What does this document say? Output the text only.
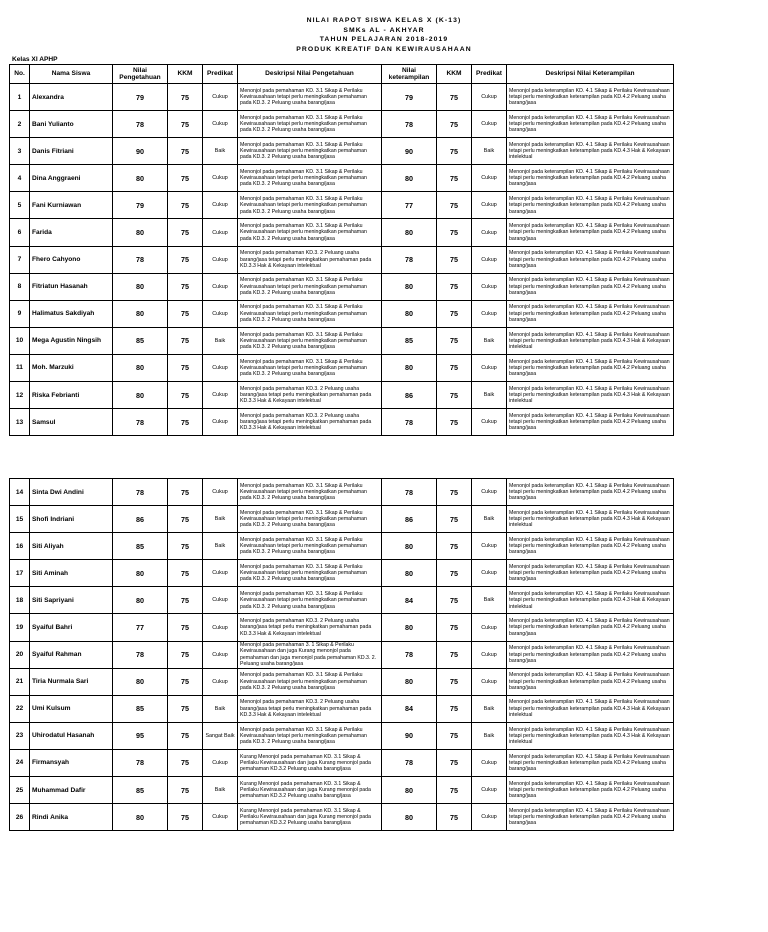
NILAI RAPOT SISWA KELAS X (K-13)
SMKs AL - AKHYAR
TAHUN PELAJARAN 2018-2019
PRODUK KREATIF DAN KEWIRAUSAHAAN
Kelas XI APHP
No.	Nama Siswa	Nilai Pengetahuan	KKM	Predikat	Deskripsi Nilai Pengetahuan	Nilai keterampilan	KKM	Predikat	Deskripsi Nilai Keterampilan
1	Alexandra	79	75	Cukup	Menonjol pada pemahaman KD. 3.1 Sikap & Perilaku Kewirausahaan tetapi perlu meningkatkan pemahaman pada KD.3. 2 Peluang usaha barang/jasa	79	75	Cukup	Menonjol pada keterampilan KD. 4.1 Sikap & Perilaku Kewirausahaan tetapi perlu meningkatkan keterampilan pada KD.4.2 Peluang usaha barang/jasa
2	Bani Yulianto	78	75	Cukup	Menonjol pada pemahaman KD. 3.1 Sikap & Perilaku Kewirausahaan tetapi perlu meningkatkan pemahaman pada KD.3. 2 Peluang usaha barang/jasa	78	75	Cukup	Menonjol pada keterampilan KD. 4.1 Sikap & Perilaku Kewirausahaan tetapi perlu meningkatkan keterampilan pada KD.4.2 Peluang usaha barang/jasa
3	Danis Fitriani	90	75	Baik	Menonjol pada pemahaman KD. 3.1 Sikap & Perilaku Kewirausahaan tetapi perlu meningkatkan pemahaman pada KD.3. 2 Peluang usaha barang/jasa	90	75	Baik	Menonjol pada keterampilan KD. 4.1 Sikap & Perilaku Kewirausahaan tetapi perlu meningkatkan keterampilan pada KD.4.3 Hak & Kekayaan intelektual
4	Dina Anggraeni	80	75	Cukup	Menonjol pada pemahaman KD. 3.1 Sikap & Perilaku Kewirausahaan tetapi perlu meningkatkan pemahaman pada KD.3. 2 Peluang usaha barang/jasa	80	75	Cukup	Menonjol pada keterampilan KD. 4.1 Sikap & Perilaku Kewirausahaan tetapi perlu meningkatkan keterampilan pada KD.4.2 Peluang usaha barang/jasa
5	Fani Kurniawan	79	75	Cukup	Menonjol pada pemahaman KD. 3.1 Sikap & Perilaku Kewirausahaan tetapi perlu meningkatkan pemahaman pada KD.3. 2 Peluang usaha barang/jasa	77	75	Cukup	Menonjol pada keterampilan KD. 4.1 Sikap & Perilaku Kewirausahaan tetapi perlu meningkatkan keterampilan pada KD.4.2 Peluang usaha barang/jasa
6	Farida	80	75	Cukup	Menonjol pada pemahaman KD. 3.1 Sikap & Perilaku Kewirausahaan tetapi perlu meningkatkan pemahaman pada KD.3. 2 Peluang usaha barang/jasa	80	75	Cukup	Menonjol pada keterampilan KD. 4.1 Sikap & Perilaku Kewirausahaan tetapi perlu meningkatkan keterampilan pada KD.4.2 Peluang usaha barang/jasa
7	Fhero Cahyono	78	75	Cukup	Menonjol pada pemahaman KD.3. 2 Peluang usaha barang/jasa tetapi perlu meningkatkan pemahaman pada KD.3.3 Hak & Kekayaan intelektual	78	75	Cukup	Menonjol pada keterampilan KD. 4.1 Sikap & Perilaku Kewirausahaan tetapi perlu meningkatkan keterampilan pada KD.4.2 Peluang usaha barang/jasa
8	Fitriatun Hasanah	80	75	Cukup	Menonjol pada pemahaman KD. 3.1 Sikap & Perilaku Kewirausahaan tetapi perlu meningkatkan pemahaman pada KD.3. 2 Peluang usaha barang/jasa	80	75	Cukup	Menonjol pada keterampilan KD. 4.1 Sikap & Perilaku Kewirausahaan tetapi perlu meningkatkan keterampilan pada KD.4.2 Peluang usaha barang/jasa
9	Halimatus Sakdiyah	80	75	Cukup	Menonjol pada pemahaman KD. 3.1 Sikap & Perilaku Kewirausahaan tetapi perlu meningkatkan pemahaman pada KD.3. 2 Peluang usaha barang/jasa	80	75	Cukup	Menonjol pada keterampilan KD. 4.1 Sikap & Perilaku Kewirausahaan tetapi perlu meningkatkan keterampilan pada KD.4.2 Peluang usaha barang/jasa
10	Mega Agustin Ningsih	85	75	Baik	Menonjol pada pemahaman KD. 3.1 Sikap & Perilaku Kewirausahaan tetapi perlu meningkatkan pemahaman pada KD.3. 2 Peluang usaha barang/jasa	85	75	Baik	Menonjol pada keterampilan KD. 4.1 Sikap & Perilaku Kewirausahaan tetapi perlu meningkatkan keterampilan pada KD.4.3 Hak & Kekayaan intelektual
11	Moh. Marzuki	80	75	Cukup	Menonjol pada pemahaman KD. 3.1 Sikap & Perilaku Kewirausahaan tetapi perlu meningkatkan pemahaman pada KD.3. 2 Peluang usaha barang/jasa	80	75	Cukup	Menonjol pada keterampilan KD. 4.1 Sikap & Perilaku Kewirausahaan tetapi perlu meningkatkan keterampilan pada KD.4.2 Peluang usaha barang/jasa
12	Riska Febrianti	80	75	Cukup	Menonjol pada pemahaman KD.3. 2 Peluang usaha barang/jasa tetapi perlu meningkatkan pemahaman pada KD.3.3 Hak & Kekayaan intelektual	86	75	Baik	Menonjol pada keterampilan KD. 4.1 Sikap & Perilaku Kewirausahaan tetapi perlu meningkatkan keterampilan pada KD.4.3 Hak & Kekayaan intelektual
13	Samsul	78	75	Cukup	Menonjol pada pemahaman KD.3. 2 Peluang usaha barang/jasa tetapi perlu meningkatkan pemahaman pada KD.3.3 Hak & Kekayaan intelektual	78	75	Cukup	Menonjol pada keterampilan KD. 4.1 Sikap & Perilaku Kewirausahaan tetapi perlu meningkatkan keterampilan pada KD.4.2 Peluang usaha barang/jasa
14	Sinta Dwi Andini	78	75	Cukup	Menonjol pada pemahaman KD. 3.1 Sikap & Perilaku Kewirausahaan tetapi perlu meningkatkan pemahaman pada KD.3. 2 Peluang usaha barang/jasa	78	75	Cukup	Menonjol pada keterampilan KD. 4.1 Sikap & Perilaku Kewirausahaan tetapi perlu meningkatkan keterampilan pada KD.4.2 Peluang usaha barang/jasa
15	Shofi Indriani	86	75	Baik	Menonjol pada pemahaman KD. 3.1 Sikap & Perilaku Kewirausahaan tetapi perlu meningkatkan pemahaman pada KD.3. 2 Peluang usaha barang/jasa	86	75	Baik	Menonjol pada keterampilan KD. 4.1 Sikap & Perilaku Kewirausahaan tetapi perlu meningkatkan keterampilan pada KD.4.3 Hak & Kekayaan intelektual
16	Siti Aliyah	85	75	Baik	Menonjol pada pemahaman KD. 3.1 Sikap & Perilaku Kewirausahaan tetapi perlu meningkatkan pemahaman pada KD.3. 2 Peluang usaha barang/jasa	80	75	Cukup	Menonjol pada keterampilan KD. 4.1 Sikap & Perilaku Kewirausahaan tetapi perlu meningkatkan keterampilan pada KD.4.2 Peluang usaha barang/jasa
17	Siti Aminah	80	75	Cukup	Menonjol pada pemahaman KD. 3.1 Sikap & Perilaku Kewirausahaan tetapi perlu meningkatkan pemahaman pada KD.3. 2 Peluang usaha barang/jasa	80	75	Cukup	Menonjol pada keterampilan KD. 4.1 Sikap & Perilaku Kewirausahaan tetapi perlu meningkatkan keterampilan pada KD.4.2 Peluang usaha barang/jasa
18	Siti Sapriyani	80	75	Cukup	Menonjol pada pemahaman KD. 3.1 Sikap & Perilaku Kewirausahaan tetapi perlu meningkatkan pemahaman pada KD.3. 2 Peluang usaha barang/jasa	84	75	Baik	Menonjol pada keterampilan KD. 4.1 Sikap & Perilaku Kewirausahaan tetapi perlu meningkatkan keterampilan pada KD.4.3 Hak & Kekayaan intelektual
19	Syaiful Bahri	77	75	Cukup	Menonjol pada pemahaman KD.3. 2 Peluang usaha barang/jasa tetapi perlu meningkatkan pemahaman pada KD.3.3 Hak & Kekayaan intelektual	80	75	Cukup	Menonjol pada keterampilan KD. 4.1 Sikap & Perilaku Kewirausahaan tetapi perlu meningkatkan keterampilan pada KD.4.2 Peluang usaha barang/jasa
20	Syaiful Rahman	78	75	Cukup	Menonjol pada pemahaman 3. 1 Sikap & Perilaku Kewirausahaan dan juga Kurang menonjol pada pemahaman dan juga menonjol pada pemahaman KD.3. 2. Peluang usaha barang/jasa	78	75	Cukup	Menonjol pada keterampilan KD. 4.1 Sikap & Perilaku Kewirausahaan tetapi perlu meningkatkan keterampilan pada KD.4.2 Peluang usaha barang/jasa
21	Tiria Nurmala Sari	80	75	Cukup	Menonjol pada pemahaman KD. 3.1 Sikap & Perilaku Kewirausahaan tetapi perlu meningkatkan pemahaman pada KD.3. 2 Peluang usaha barang/jasa	80	75	Cukup	Menonjol pada keterampilan KD. 4.1 Sikap & Perilaku Kewirausahaan tetapi perlu meningkatkan keterampilan pada KD.4.2 Peluang usaha barang/jasa
22	Umi Kulsum	85	75	Baik	Menonjol pada pemahaman KD.3. 2 Peluang usaha barang/jasa tetapi perlu meningkatkan pemahaman pada KD.3.3 Hak & Kekayaan intelektual	84	75	Baik	Menonjol pada keterampilan KD. 4.1 Sikap & Perilaku Kewirausahaan tetapi perlu meningkatkan keterampilan pada KD.4.3 Hak & Kekayaan intelektual
23	Uhirodatul Hasanah	95	75	Sangat Baik	Menonjol pada pemahaman KD. 3.1 Sikap & Perilaku Kewirausahaan tetapi perlu meningkatkan pemahaman pada KD.3. 2 Peluang usaha barang/jasa	90	75	Baik	Menonjol pada keterampilan KD. 4.1 Sikap & Perilaku Kewirausahaan tetapi perlu meningkatkan keterampilan pada KD.4.3 Hak & Kekayaan intelektual
24	Firmansyah	78	75	Cukup	Kurang Menonjol pada pemahaman KD. 3.1 Sikap & Perilaku Kewirausahaan dan juga Kurang menonjol pada pemahaman KD.3.2 Peluang usaha barang/jasa	78	75	Cukup	Menonjol pada keterampilan KD. 4.1 Sikap & Perilaku Kewirausahaan tetapi perlu meningkatkan keterampilan pada KD.4.2 Peluang usaha barang/jasa
25	Muhammad Dafir	85	75	Baik	Kurang Menonjol pada pemahaman KD. 3.1 Sikap & Perilaku Kewirausahaan dan juga Kurang menonjol pada pemahaman KD.3.2 Peluang usaha barang/jasa	80	75	Cukup	Menonjol pada keterampilan KD. 4.1 Sikap & Perilaku Kewirausahaan tetapi perlu meningkatkan keterampilan pada KD.4.2 Peluang usaha barang/jasa
26	Rindi Anika	80	75	Cukup	Kurang Menonjol pada pemahaman KD. 3.1 Sikap & Perilaku Kewirausahaan dan juga Kurang menonjol pada pemahaman KD.3.2 Peluang usaha barang/jasa	80	75	Cukup	Menonjol pada keterampilan KD. 4.1 Sikap & Perilaku Kewirausahaan tetapi perlu meningkatkan keterampilan pada KD.4.2 Peluang usaha barang/jasa
